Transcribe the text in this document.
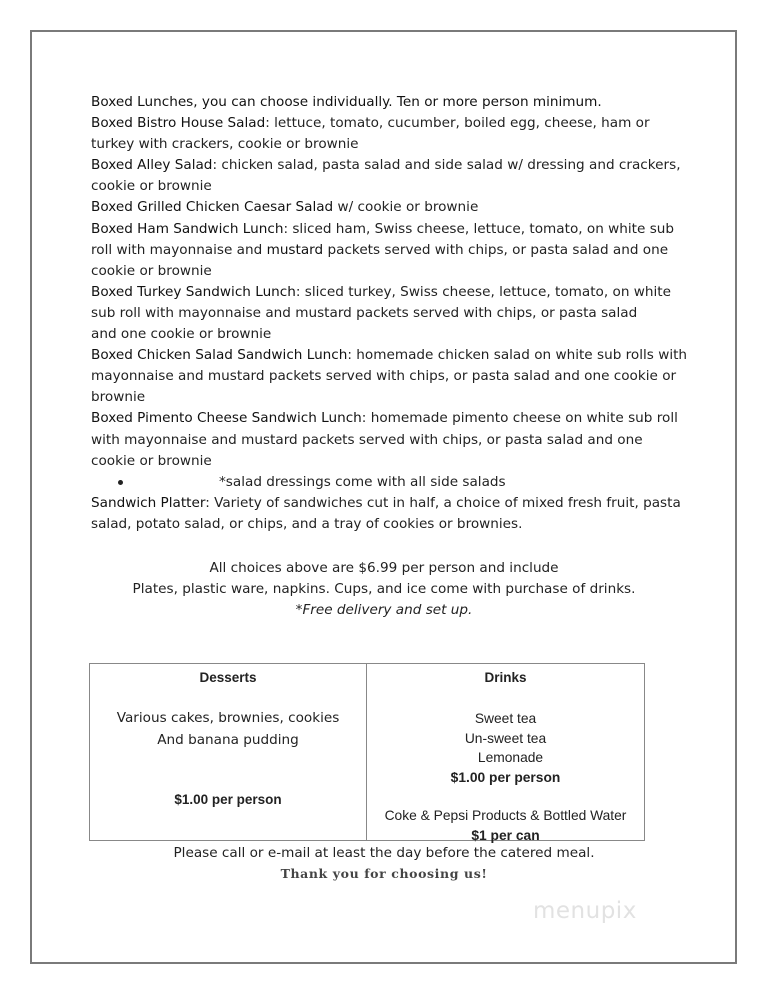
Boxed Lunches, you can choose individually. Ten or more person minimum.

Boxed Bistro House Salad: lettuce, tomato, cucumber, boiled egg, cheese, ham or turkey with crackers, cookie or brownie

Boxed Alley Salad: chicken salad, pasta salad and side salad w/ dressing and crackers, cookie or brownie

Boxed Grilled Chicken Caesar Salad w/ cookie or brownie

Boxed Ham Sandwich Lunch: sliced ham, Swiss cheese, lettuce, tomato, on white sub roll with mayonnaise and mustard packets served with chips, or pasta salad and one cookie or brownie

Boxed Turkey Sandwich Lunch: sliced turkey, Swiss cheese, lettuce, tomato, on white
sub roll with mayonnaise and mustard packets served with chips, or pasta salad
and one cookie or brownie

Boxed Chicken Salad Sandwich Lunch: homemade chicken salad on white sub rolls with mayonnaise and mustard packets served with chips, or pasta salad and one cookie or brownie

Boxed Pimento Cheese Sandwich Lunch: homemade pimento cheese on white sub roll with mayonnaise and mustard packets served with chips, or pasta salad and one cookie or brownie

*salad dressings come with all side salads

Sandwich Platter: Variety of sandwiches cut in half, a choice of mixed fresh fruit, pasta salad, potato salad, or chips, and a tray of cookies or brownies.

All choices above are $6.99 per person and include

Plates, plastic ware, napkins. Cups, and ice come with purchase of drinks.

*Free delivery and set up.

Desserts
Various cakes, brownies, cookies
And banana pudding
$1.00 per person
Drinks
Sweet tea
Un-sweet tea
Lemonade
$1.00 per person
Coke & Pepsi Products & Bottled Water
$1 per can
Please call or e-mail at least the day before the catered meal.
Thank you for choosing us!
menupix
